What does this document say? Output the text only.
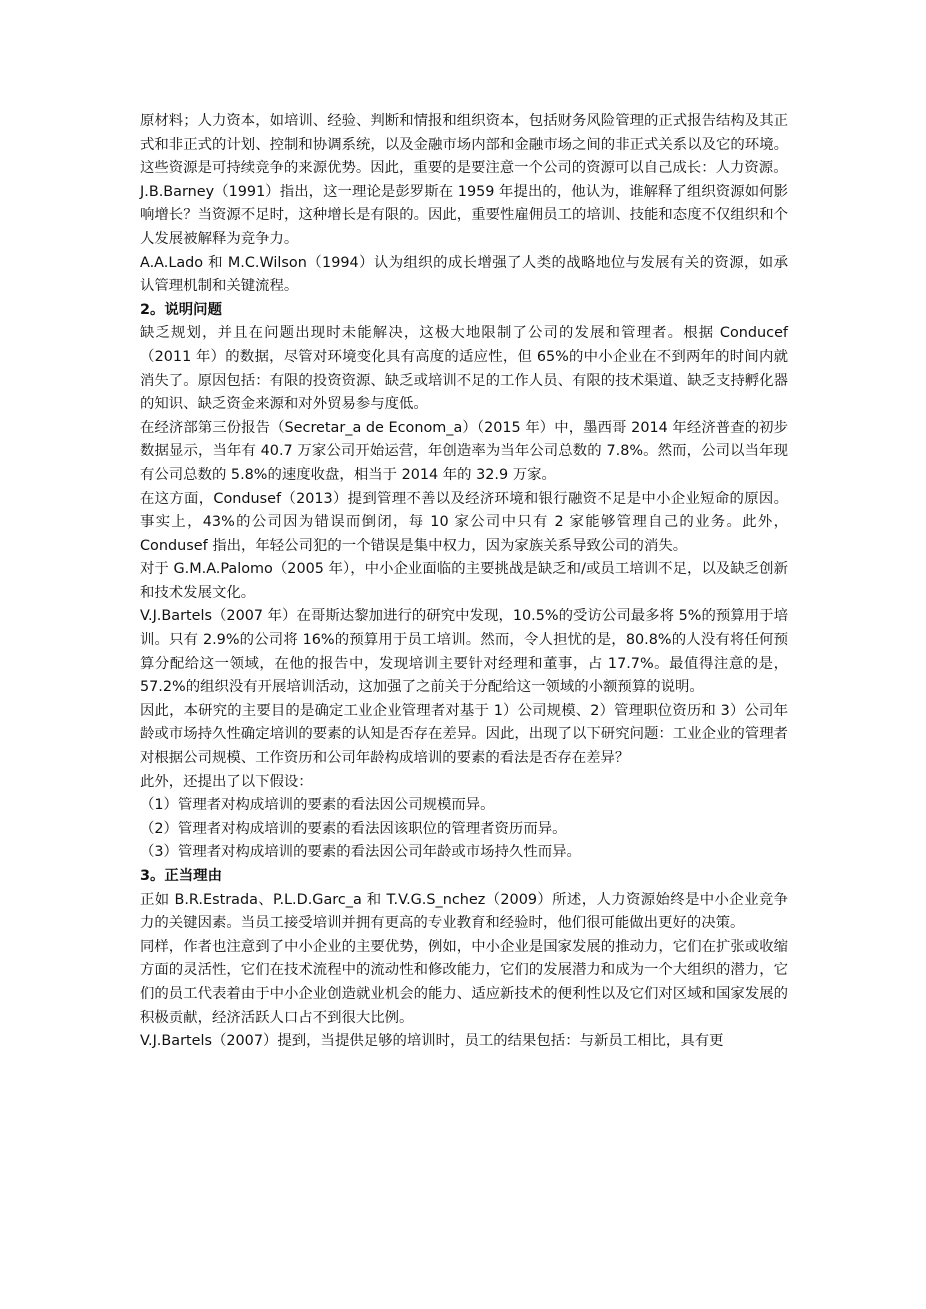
原材料；人力资本，如培训、经验、判断和情报和组织资本，包括财务风险管理的正式报告结构及其正式和非正式的计划、控制和协调系统，以及金融市场内部和金融市场之间的非正式关系以及它的环境。这些资源是可持续竞争的来源优势。因此，重要的是要注意一个公司的资源可以自己成长：人力资源。

J.B.Barney（1991）指出，这一理论是彭罗斯在 1959 年提出的，他认为，谁解释了组织资源如何影响增长？当资源不足时，这种增长是有限的。因此，重要性雇佣员工的培训、技能和态度不仅组织和个人发展被解释为竞争力。

A.A.Lado 和 M.C.Wilson（1994）认为组织的成长增强了人类的战略地位与发展有关的资源，如承认管理机制和关键流程。

2。说明问题

缺乏规划，并且在问题出现时未能解决，这极大地限制了公司的发展和管理者。根据 Conducef（2011 年）的数据，尽管对环境变化具有高度的适应性，但 65%的中小企业在不到两年的时间内就消失了。原因包括：有限的投资资源、缺乏或培训不足的工作人员、有限的技术渠道、缺乏支持孵化器的知识、缺乏资金来源和对外贸易参与度低。

在经济部第三份报告（Secretar_a de Econom_a）（2015 年）中，墨西哥 2014 年经济普查的初步数据显示，当年有 40.7 万家公司开始运营，年创造率为当年公司总数的 7.8%。然而，公司以当年现有公司总数的 5.8%的速度收盘，相当于 2014 年的 32.9 万家。

在这方面，Condusef（2013）提到管理不善以及经济环境和银行融资不足是中小企业短命的原因。事实上，43%的公司因为错误而倒闭，每 10 家公司中只有 2 家能够管理自己的业务。此外，Condusef 指出，年轻公司犯的一个错误是集中权力，因为家族关系导致公司的消失。

对于 G.M.A.Palomo（2005 年），中小企业面临的主要挑战是缺乏和/或员工培训不足，以及缺乏创新和技术发展文化。

V.J.Bartels（2007 年）在哥斯达黎加进行的研究中发现，10.5%的受访公司最多将 5%的预算用于培训。只有 2.9%的公司将 16%的预算用于员工培训。然而，令人担忧的是，80.8%的人没有将任何预算分配给这一领域，在他的报告中，发现培训主要针对经理和董事，占 17.7%。最值得注意的是，57.2%的组织没有开展培训活动，这加强了之前关于分配给这一领域的小额预算的说明。

因此，本研究的主要目的是确定工业企业管理者对基于 1）公司规模、2）管理职位资历和 3）公司年龄或市场持久性确定培训的要素的认知是否存在差异。因此，出现了以下研究问题：工业企业的管理者对根据公司规模、工作资历和公司年龄构成培训的要素的看法是否存在差异？

此外，还提出了以下假设：

（1）管理者对构成培训的要素的看法因公司规模而异。

（2）管理者对构成培训的要素的看法因该职位的管理者资历而异。

（3）管理者对构成培训的要素的看法因公司年龄或市场持久性而异。

3。正当理由

正如 B.R.Estrada、P.L.D.Garc_a 和 T.V.G.S_nchez（2009）所述，人力资源始终是中小企业竞争力的关键因素。当员工接受培训并拥有更高的专业教育和经验时，他们很可能做出更好的决策。

同样，作者也注意到了中小企业的主要优势，例如，中小企业是国家发展的推动力，它们在扩张或收缩方面的灵活性，它们在技术流程中的流动性和修改能力，它们的发展潜力和成为一个大组织的潜力，它们的员工代表着由于中小企业创造就业机会的能力、适应新技术的便利性以及它们对区域和国家发展的积极贡献，经济活跃人口占不到很大比例。

V.J.Bartels（2007）提到，当提供足够的培训时，员工的结果包括：与新员工相比，具有更
